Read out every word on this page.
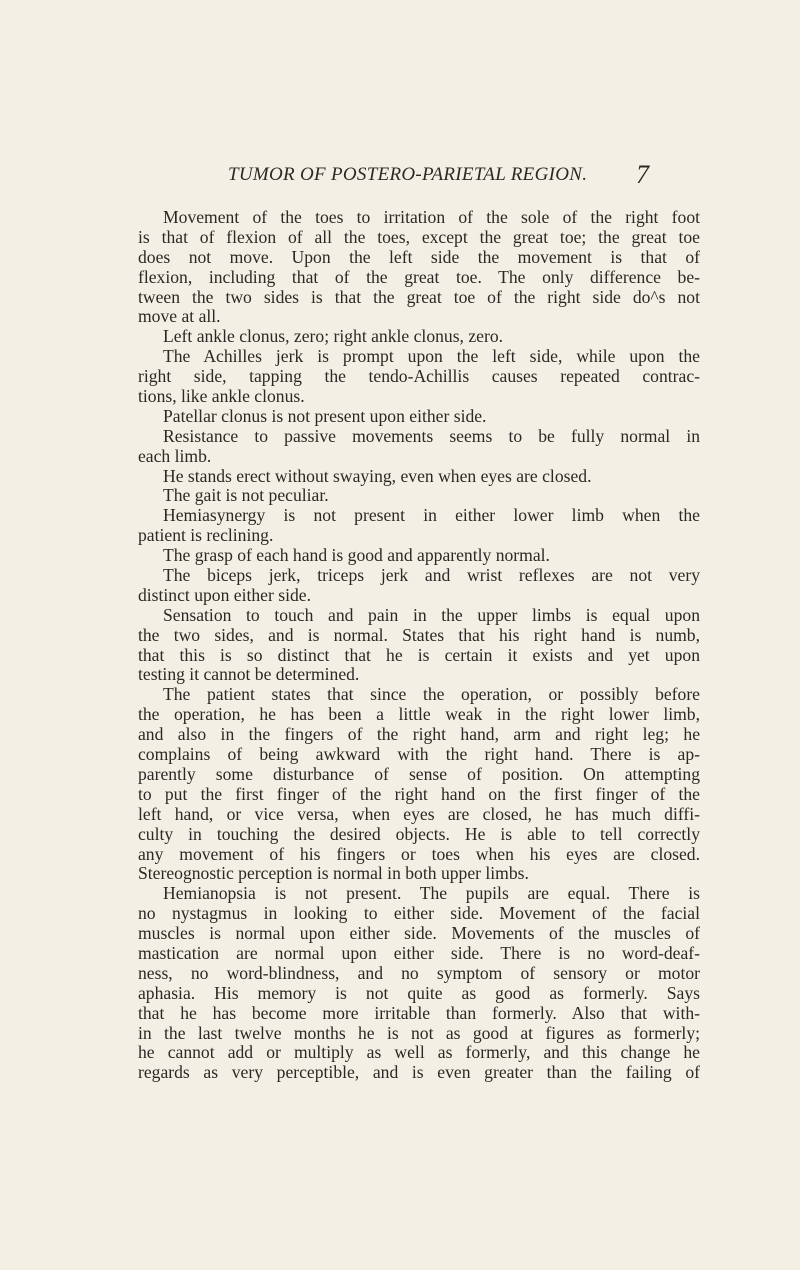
TUMOR OF POSTERO-PARIETAL REGION. 7
Movement of the toes to irritation of the sole of the right foot
is that of flexion of all the toes, except the great toe; the great toe
does not move. Upon the left side the movement is that of
flexion, including that of the great toe. The only difference be-
tween the two sides is that the great toe of the right side do^s not
move at all.
Left ankle clonus, zero; right ankle clonus, zero.
The Achilles jerk is prompt upon the left side, while upon the
right side, tapping the tendo-Achillis causes repeated contrac-
tions, like ankle clonus.
Patellar clonus is not present upon either side.
Resistance to passive movements seems to be fully normal in
each limb.
He stands erect without swaying, even when eyes are closed.
The gait is not peculiar.
Hemiasynergy is not present in either lower limb when the
patient is reclining.
The grasp of each hand is good and apparently normal.
The biceps jerk, triceps jerk and wrist reflexes are not very
distinct upon either side.
Sensation to touch and pain in the upper limbs is equal upon
the two sides, and is normal. States that his right hand is numb,
that this is so distinct that he is certain it exists and yet upon
testing it cannot be determined.
The patient states that since the operation, or possibly before
the operation, he has been a little weak in the right lower limb,
and also in the fingers of the right hand, arm and right leg; he
complains of being awkward with the right hand. There is ap-
parently some disturbance of sense of position. On attempting
to put the first finger of the right hand on the first finger of the
left hand, or vice versa, when eyes are closed, he has much diffi-
culty in touching the desired objects. He is able to tell correctly
any movement of his fingers or toes when his eyes are closed.
Stereognostic perception is normal in both upper limbs.
Hemianopsia is not present. The pupils are equal. There is
no nystagmus in looking to either side. Movement of the facial
muscles is normal upon either side. Movements of the muscles of
mastication are normal upon either side. There is no word-deaf-
ness, no word-blindness, and no symptom of sensory or motor
aphasia. His memory is not quite as good as formerly. Says
that he has become more irritable than formerly. Also that with-
in the last twelve months he is not as good at figures as formerly;
he cannot add or multiply as well as formerly, and this change he
regards as very perceptible, and is even greater than the failing of
